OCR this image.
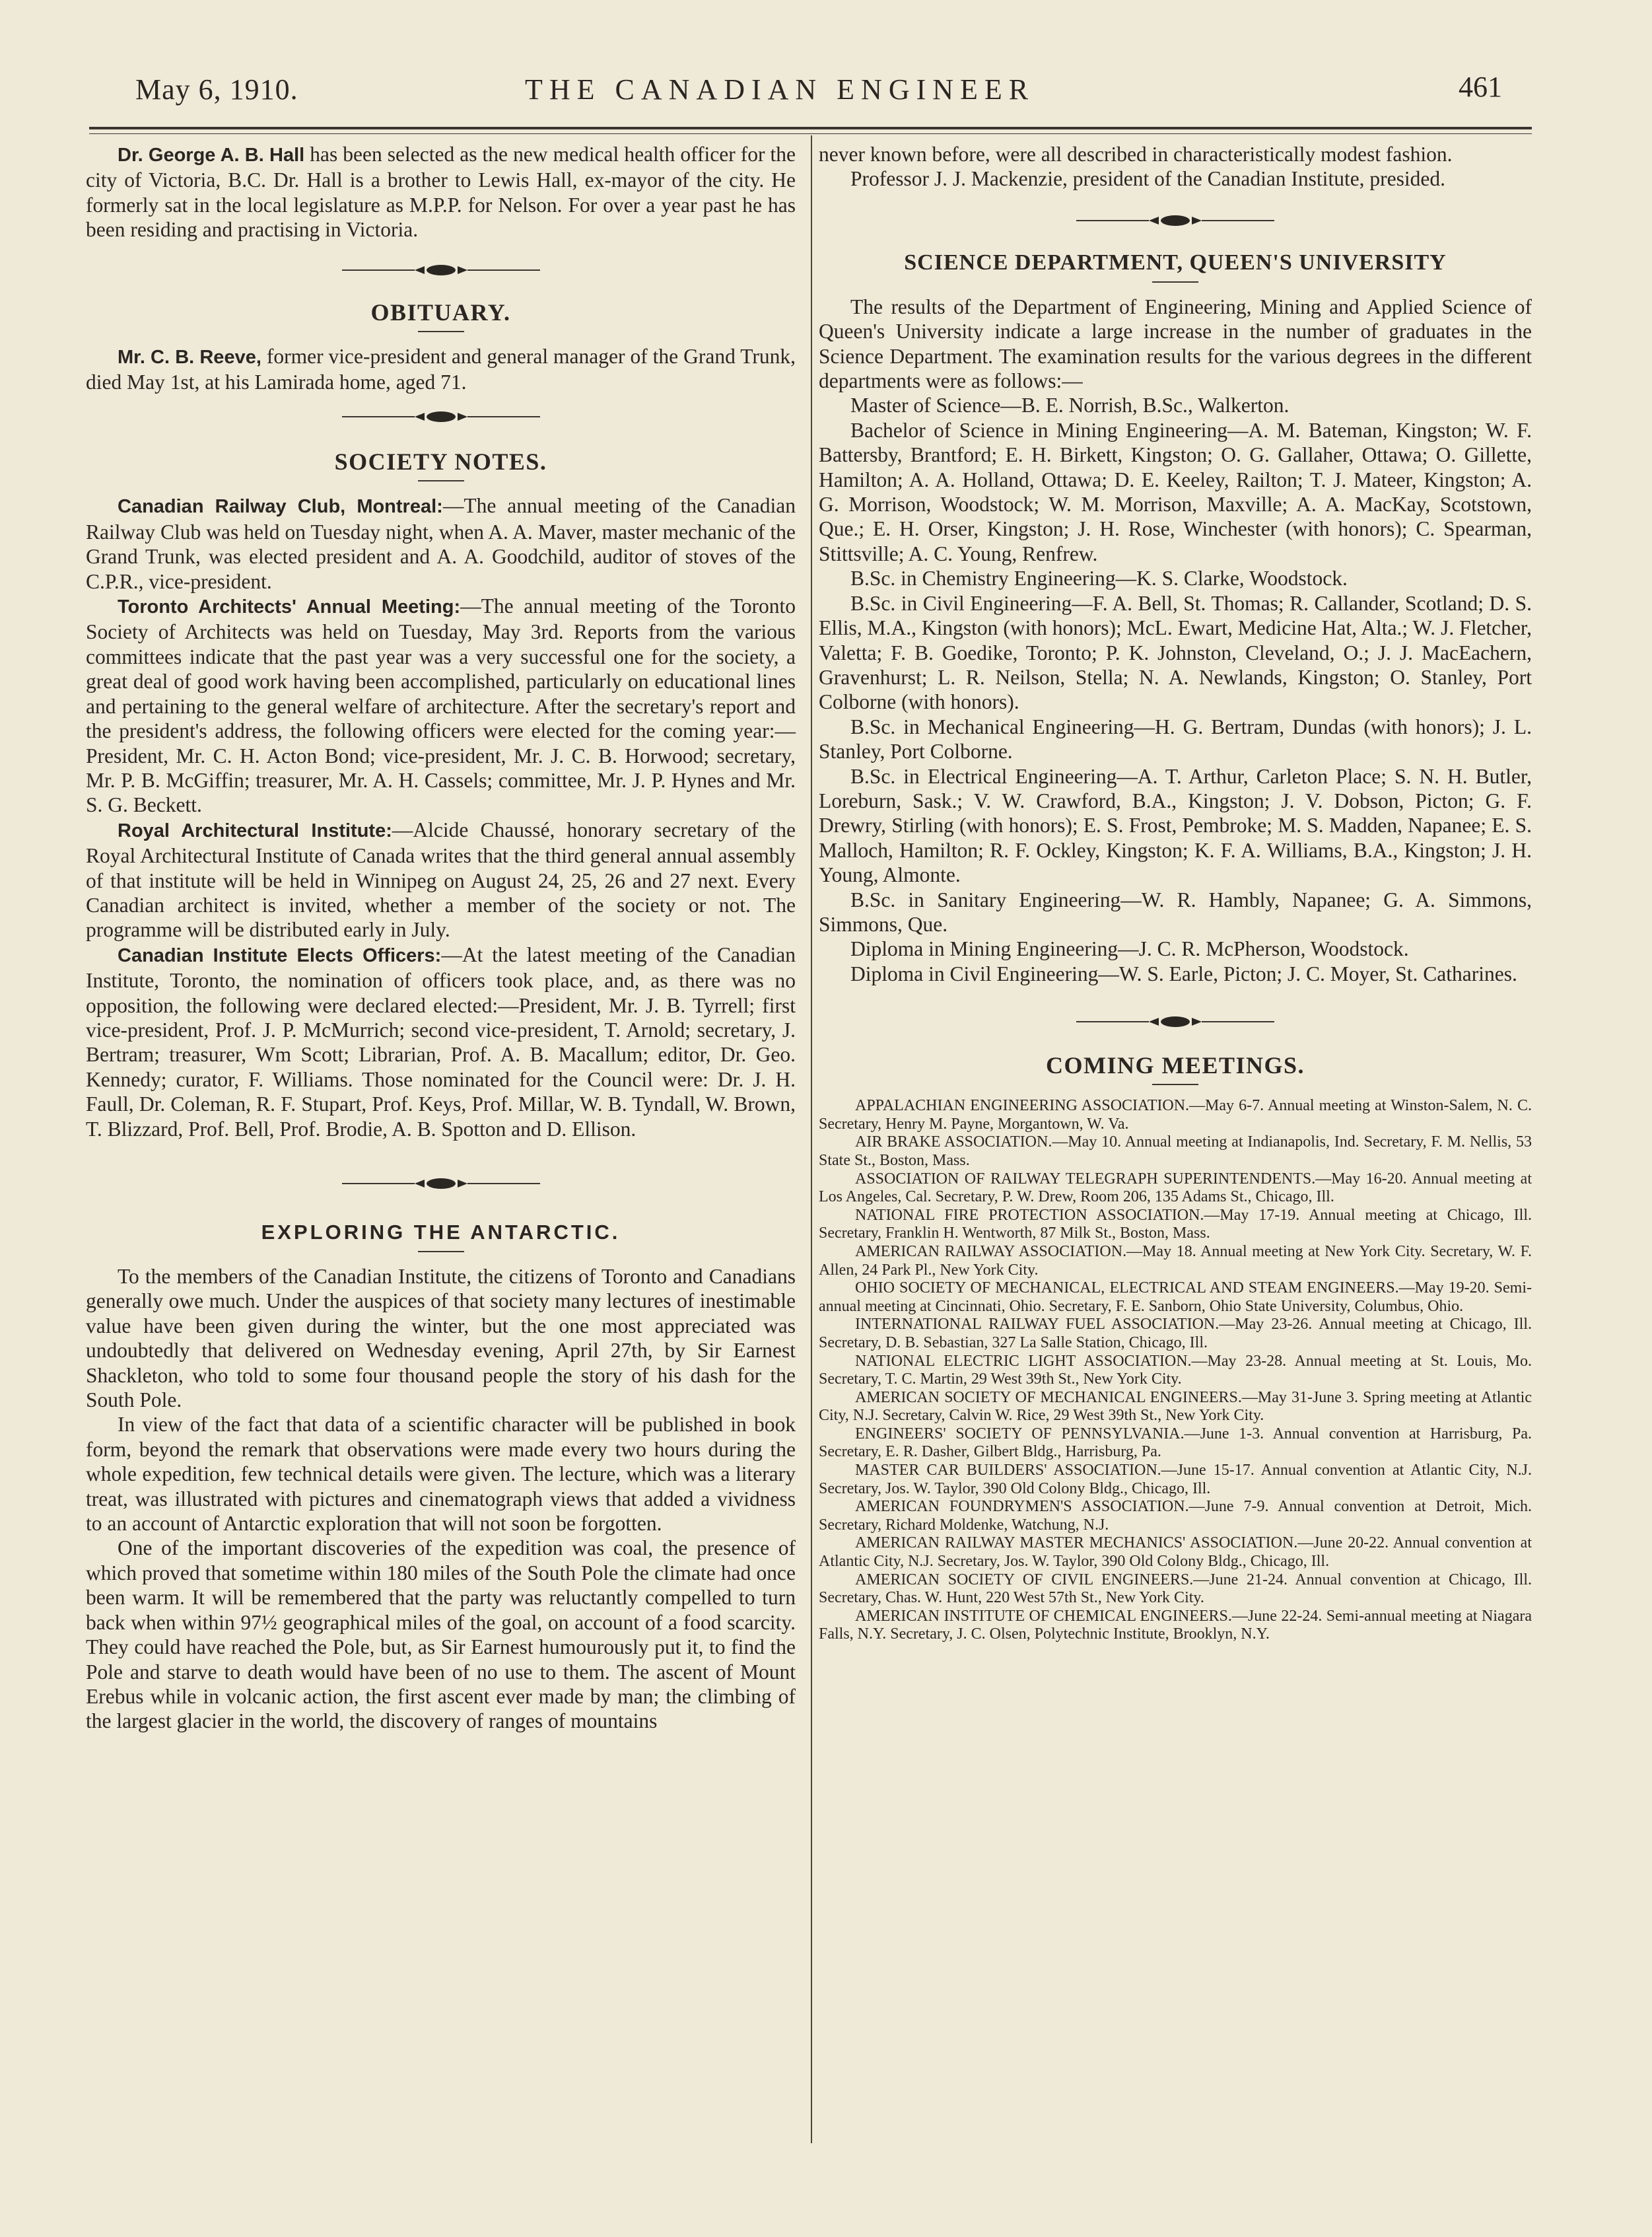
May 6, 1910.	THE CANADIAN ENGINEER	461

Dr. George A. B. Hall has been selected as the new medical health officer for the city of Victoria, B.C. Dr. Hall is a brother to Lewis Hall, ex-mayor of the city. He formerly sat in the local legislature as M.P.P. for Nelson. For over a year past he has been residing and practising in Victoria.

OBITUARY.

Mr. C. B. Reeve, former vice-president and general manager of the Grand Trunk, died May 1st, at his Lamirada home, aged 71.

SOCIETY NOTES.

Canadian Railway Club, Montreal:—The annual meeting of the Canadian Railway Club was held on Tuesday night, when A. A. Maver, master mechanic of the Grand Trunk, was elected president and A. A. Goodchild, auditor of stoves of the C.P.R., vice-president.

Toronto Architects' Annual Meeting:—The annual meeting of the Toronto Society of Architects was held on Tuesday, May 3rd. Reports from the various committees indicate that the past year was a very successful one for the society, a great deal of good work having been accomplished, particularly on educational lines and pertaining to the general welfare of architecture. After the secretary's report and the president's address, the following officers were elected for the coming year:—President, Mr. C. H. Acton Bond; vice-president, Mr. J. C. B. Horwood; secretary, Mr. P. B. McGiffin; treasurer, Mr. A. H. Cassels; committee, Mr. J. P. Hynes and Mr. S. G. Beckett.

Royal Architectural Institute:—Alcide Chaussé, honorary secretary of the Royal Architectural Institute of Canada writes that the third general annual assembly of that institute will be held in Winnipeg on August 24, 25, 26 and 27 next. Every Canadian architect is invited, whether a member of the society or not. The programme will be distributed early in July.

Canadian Institute Elects Officers:—At the latest meeting of the Canadian Institute, Toronto, the nomination of officers took place, and, as there was no opposition, the following were declared elected:—President, Mr. J. B. Tyrrell; first vice-president, Prof. J. P. McMurrich; second vice-president, T. Arnold; secretary, J. Bertram; treasurer, Wm Scott; Librarian, Prof. A. B. Macallum; editor, Dr. Geo. Kennedy; curator, F. Williams. Those nominated for the Council were: Dr. J. H. Faull, Dr. Coleman, R. F. Stupart, Prof. Keys, Prof. Millar, W. B. Tyndall, W. Brown, T. Blizzard, Prof. Bell, Prof. Brodie, A. B. Spotton and D. Ellison.

EXPLORING THE ANTARCTIC.

To the members of the Canadian Institute, the citizens of Toronto and Canadians generally owe much. Under the auspices of that society many lectures of inestimable value have been given during the winter, but the one most appreciated was undoubtedly that delivered on Wednesday evening, April 27th, by Sir Earnest Shackleton, who told to some four thousand people the story of his dash for the South Pole.

In view of the fact that data of a scientific character will be published in book form, beyond the remark that observations were made every two hours during the whole expedition, few technical details were given. The lecture, which was a literary treat, was illustrated with pictures and cinematograph views that added a vividness to an account of Antarctic exploration that will not soon be forgotten.

One of the important discoveries of the expedition was coal, the presence of which proved that sometime within 180 miles of the South Pole the climate had once been warm. It will be remembered that the party was reluctantly compelled to turn back when within 97½ geographical miles of the goal, on account of a food scarcity. They could have reached the Pole, but, as Sir Earnest humourously put it, to find the Pole and starve to death would have been of no use to them. The ascent of Mount Erebus while in volcanic action, the first ascent ever made by man; the climbing of the largest glacier in the world, the discovery of ranges of mountains

never known before, were all described in characteristically modest fashion.

Professor J. J. Mackenzie, president of the Canadian Institute, presided.

SCIENCE DEPARTMENT, QUEEN'S UNIVERSITY

The results of the Department of Engineering, Mining and Applied Science of Queen's University indicate a large increase in the number of graduates in the Science Department. The examination results for the various degrees in the different departments were as follows:—

Master of Science—B. E. Norrish, B.Sc., Walkerton.

Bachelor of Science in Mining Engineering—A. M. Bateman, Kingston; W. F. Battersby, Brantford; E. H. Birkett, Kingston; O. G. Gallaher, Ottawa; O. Gillette, Hamilton; A. A. Holland, Ottawa; D. E. Keeley, Railton; T. J. Mateer, Kingston; A. G. Morrison, Woodstock; W. M. Morrison, Maxville; A. A. MacKay, Scotstown, Que.; E. H. Orser, Kingston; J. H. Rose, Winchester (with honors); C. Spearman, Stittsville; A. C. Young, Renfrew.

B.Sc. in Chemistry Engineering—K. S. Clarke, Woodstock.

B.Sc. in Civil Engineering—F. A. Bell, St. Thomas; R. Callander, Scotland; D. S. Ellis, M.A., Kingston (with honors); McL. Ewart, Medicine Hat, Alta.; W. J. Fletcher, Valetta; F. B. Goedike, Toronto; P. K. Johnston, Cleveland, O.; J. J. MacEachern, Gravenhurst; L. R. Neilson, Stella; N. A. Newlands, Kingston; O. Stanley, Port Colborne (with honors).

B.Sc. in Mechanical Engineering—H. G. Bertram, Dundas (with honors); J. L. Stanley, Port Colborne.

B.Sc. in Electrical Engineering—A. T. Arthur, Carleton Place; S. N. H. Butler, Loreburn, Sask.; V. W. Crawford, B.A., Kingston; J. V. Dobson, Picton; G. F. Drewry, Stirling (with honors); E. S. Frost, Pembroke; M. S. Madden, Napanee; E. S. Malloch, Hamilton; R. F. Ockley, Kingston; K. F. A. Williams, B.A., Kingston; J. H. Young, Almonte.

B.Sc. in Sanitary Engineering—W. R. Hambly, Napanee; G. A. Simmons, Simmons, Que.

Diploma in Mining Engineering—J. C. R. McPherson, Woodstock.

Diploma in Civil Engineering—W. S. Earle, Picton; J. C. Moyer, St. Catharines.

COMING MEETINGS.

APPALACHIAN ENGINEERING ASSOCIATION.—May 6-7. Annual meeting at Winston-Salem, N. C. Secretary, Henry M. Payne, Morgantown, W. Va.

AIR BRAKE ASSOCIATION.—May 10. Annual meeting at Indianapolis, Ind. Secretary, F. M. Nellis, 53 State St., Boston, Mass.

ASSOCIATION OF RAILWAY TELEGRAPH SUPERINTENDENTS.—May 16-20. Annual meeting at Los Angeles, Cal. Secretary, P. W. Drew, Room 206, 135 Adams St., Chicago, Ill.

NATIONAL FIRE PROTECTION ASSOCIATION.—May 17-19. Annual meeting at Chicago, Ill. Secretary, Franklin H. Wentworth, 87 Milk St., Boston, Mass.

AMERICAN RAILWAY ASSOCIATION.—May 18. Annual meeting at New York City. Secretary, W. F. Allen, 24 Park Pl., New York City.

OHIO SOCIETY OF MECHANICAL, ELECTRICAL AND STEAM ENGINEERS.—May 19-20. Semi-annual meeting at Cincinnati, Ohio. Secretary, F. E. Sanborn, Ohio State University, Columbus, Ohio.

INTERNATIONAL RAILWAY FUEL ASSOCIATION.—May 23-26. Annual meeting at Chicago, Ill. Secretary, D. B. Sebastian, 327 La Salle Station, Chicago, Ill.

NATIONAL ELECTRIC LIGHT ASSOCIATION.—May 23-28. Annual meeting at St. Louis, Mo. Secretary, T. C. Martin, 29 West 39th St., New York City.

AMERICAN SOCIETY OF MECHANICAL ENGINEERS.—May 31-June 3. Spring meeting at Atlantic City, N.J. Secretary, Calvin W. Rice, 29 West 39th St., New York City.

ENGINEERS' SOCIETY OF PENNSYLVANIA.—June 1-3. Annual convention at Harrisburg, Pa. Secretary, E. R. Dasher, Gilbert Bldg., Harrisburg, Pa.

MASTER CAR BUILDERS' ASSOCIATION.—June 15-17. Annual convention at Atlantic City, N.J. Secretary, Jos. W. Taylor, 390 Old Colony Bldg., Chicago, Ill.

AMERICAN FOUNDRYMEN'S ASSOCIATION.—June 7-9. Annual convention at Detroit, Mich. Secretary, Richard Moldenke, Watchung, N.J.

AMERICAN RAILWAY MASTER MECHANICS' ASSOCIATION.—June 20-22. Annual convention at Atlantic City, N.J. Secretary, Jos. W. Taylor, 390 Old Colony Bldg., Chicago, Ill.

AMERICAN SOCIETY OF CIVIL ENGINEERS.—June 21-24. Annual convention at Chicago, Ill. Secretary, Chas. W. Hunt, 220 West 57th St., New York City.

AMERICAN INSTITUTE OF CHEMICAL ENGINEERS.—June 22-24. Semi-annual meeting at Niagara Falls, N.Y. Secretary, J. C. Olsen, Polytechnic Institute, Brooklyn, N.Y.
